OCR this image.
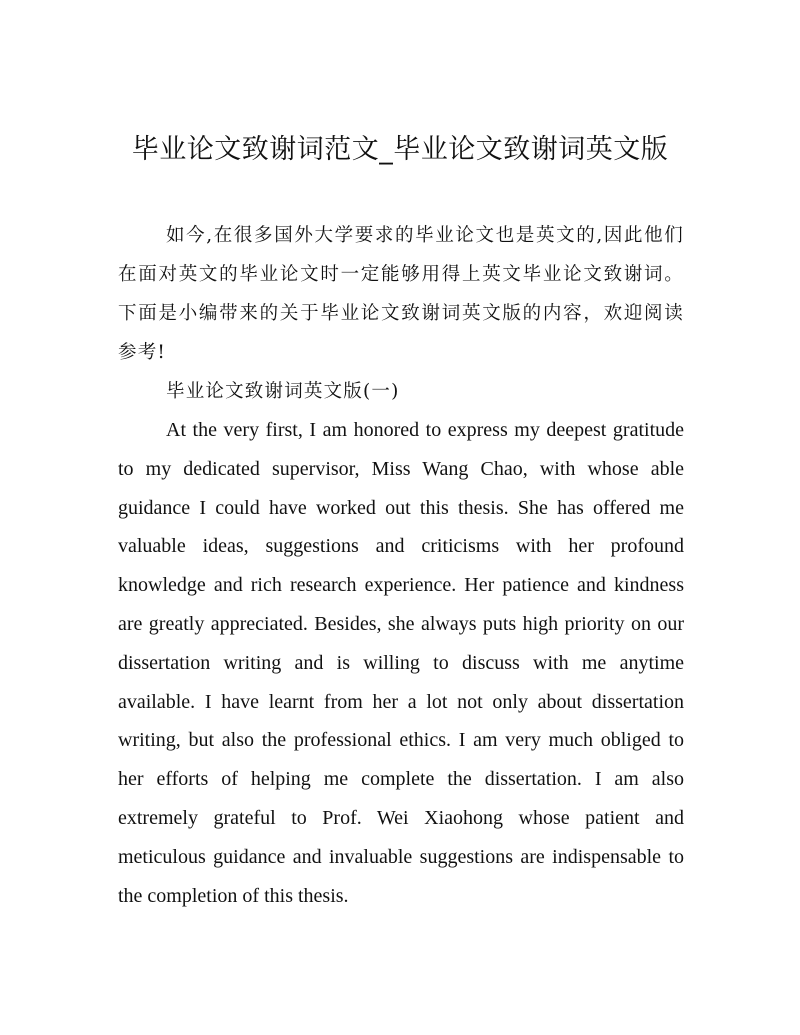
毕业论文致谢词范文_毕业论文致谢词英文版

如今,在很多国外大学要求的毕业论文也是英文的,因此他们在面对英文的毕业论文时一定能够用得上英文毕业论文致谢词。下面是小编带来的关于毕业论文致谢词英文版的内容，欢迎阅读参考!

毕业论文致谢词英文版(一)

At the very first, I am honored to express my deepest gratitude to my dedicated supervisor, Miss Wang Chao, with whose able guidance I could have worked out this thesis. She has offered me valuable ideas, suggestions and criticisms with her profound knowledge and rich research experience. Her patience and kindness are greatly appreciated. Besides, she always puts high priority on our dissertation writing and is willing to discuss with me anytime available. I have learnt from her a lot not only about dissertation writing, but also the professional ethics. I am very much obliged to her efforts of helping me complete the dissertation. I am also extremely grateful to Prof. Wei Xiaohong whose patient and meticulous guidance and invaluable suggestions are indispensable to the completion of this thesis.
